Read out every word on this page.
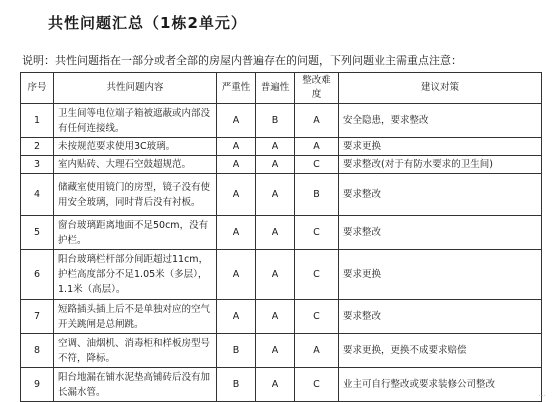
共性问题汇总（1栋2单元）
说明：共性问题指在一部分或者全部的房屋内普遍存在的问题，下列问题业主需重点注意：
序号	共性问题内容	严重性	普遍性	整改难度	建议对策
1	卫生间等电位端子箱被遮蔽或内部没有任何连接线。	A	B	A	安全隐患，要求整改
2	未按规范要求使用3C玻璃。	A	A	A	要求更换
3	室内贴砖、大理石空鼓超规范。	A	A	C	要求整改(对于有防水要求的卫生间)
4	储藏室使用镜门的房型，镜子没有使用安全玻璃，同时背后没有衬板。	A	A	B	要求整改
5	窗台玻璃距离地面不足50cm，没有护栏。	A	A	C	要求整改
6	阳台玻璃栏杆部分间距超过11cm，护栏高度部分不足1.05米（多层），1.1米（高层）。	A	A	C	要求更换
7	短路插头插上后不是单独对应的空气开关跳闸是总闸跳。	A	A	C	要求整改
8	空调、油烟机、消毒柜和样板房型号不符，降标。	B	A	A	要求更换，更换不成要求赔偿
9	阳台地漏在铺水泥垫高铺砖后没有加长漏水管。	B	A	C	业主可自行整改或要求装修公司整改
...
